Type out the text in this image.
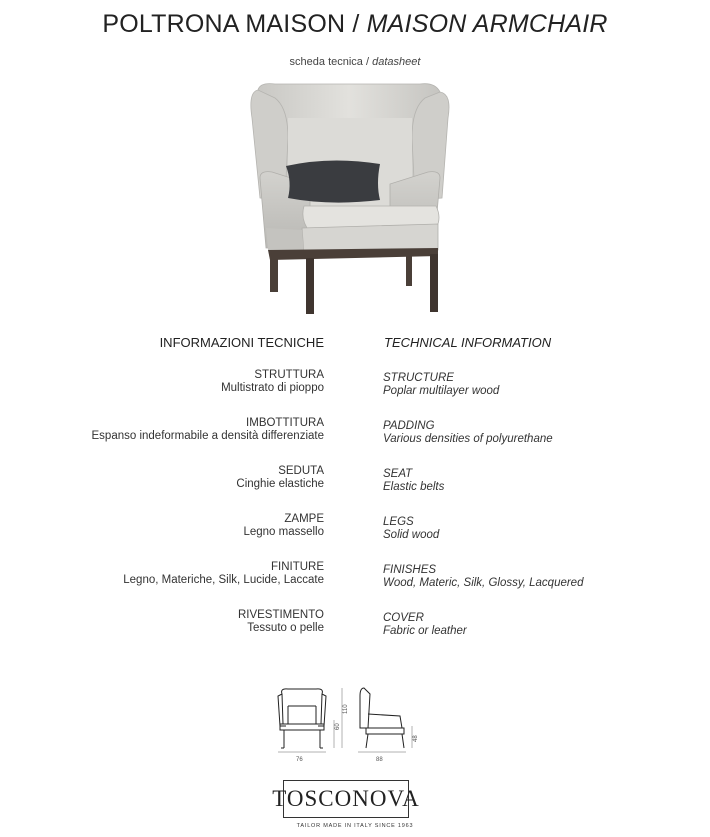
POLTRONA MAISON / MAISON ARMCHAIR
scheda tecnica / datasheet
INFORMAZIONI TECNICHE	TECHNICAL INFORMATION
STRUTTURA
Multistrato di pioppo
STRUCTURE
Poplar multilayer wood
IMBOTTITURA
Espanso indeformabile a densità differenziate
PADDING
Various densities of polyurethane
SEDUTA
Cinghie elastiche
SEAT
Elastic belts
ZAMPE
Legno massello
LEGS
Solid wood
FINITURE
Legno, Materiche, Silk, Lucide, Laccate
FINISHES
Wood, Materic, Silk, Glossy, Lacquered
RIVESTIMENTO
Tessuto o pelle
COVER
Fabric or leather
76	88
60
110
48
TOSCONOVA
TAILOR MADE IN ITALY SINCE 1963
